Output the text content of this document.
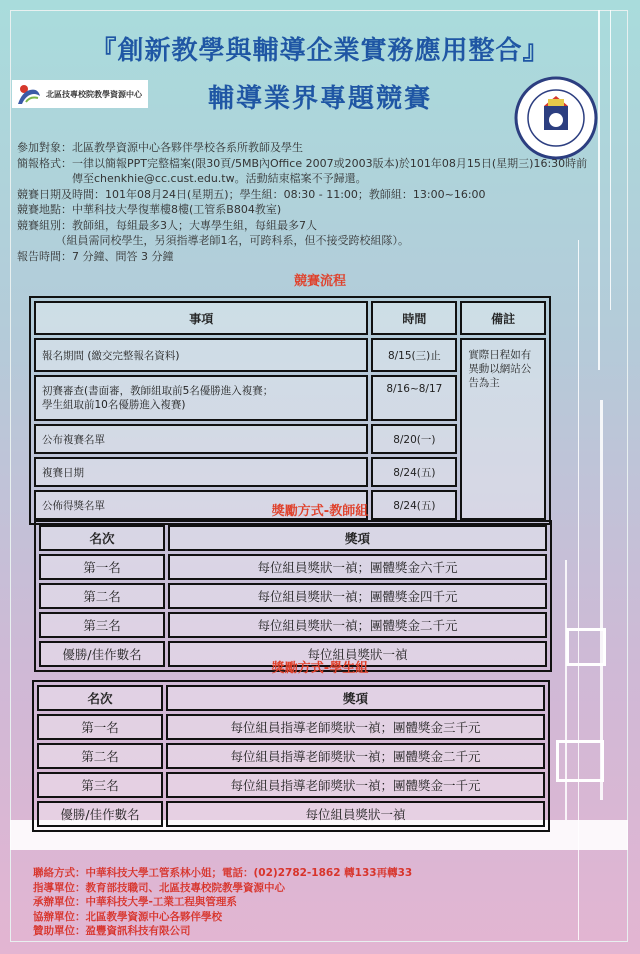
『創新教學與輔導企業實務應用整合』
輔導業界專題競賽
北區技專校院教學資源中心
參加對象：北區教學資源中心各夥伴學校各系所教師及學生
簡報格式：一律以簡報PPT完整檔案(限30頁/5MB內Office 2007或2003版本)於101年08月15日(星期三)16:30時前
　　　　　傳至chenkhie@cc.cust.edu.tw。活動結束檔案不予歸還。
競賽日期及時間：101年08月24日(星期五)；學生組：08:30 - 11:00；教師組：13:00~16:00
競賽地點：中華科技大學復華樓8樓(工管系B804教室)
競賽組別：教師組，每組最多3人；大專學生組，每組最多7人
　　　　（組員需同校學生，另須指導老師1名，可跨科系，但不接受跨校組隊）。
報告時間：7 分鐘、問答 3 分鐘
競賽流程
事項	時間	備註
報名期間 (繳交完整報名資料)	8/15(三)止	實際日程如有異動以網站公告為主
初賽審查(書面審，教師組取前5名優勝進入複賽；
學生組取前10名優勝進入複賽)	8/16~8/17	
公布複賽名單	8/20(一)	
複賽日期	8/24(五)	
公佈得獎名單	8/24(五)	
獎勵方式-教師組
名次	獎項
第一名	每位組員獎狀一禎；團體獎金六千元
第二名	每位組員獎狀一禎；團體獎金四千元
第三名	每位組員獎狀一禎；團體獎金二千元
優勝/佳作數名	每位組員獎狀一禎
獎勵方式-學生組
名次	獎項
第一名	每位組員指導老師獎狀一禎；團體獎金三千元
第二名	每位組員指導老師獎狀一禎；團體獎金二千元
第三名	每位組員指導老師獎狀一禎；團體獎金一千元
優勝/佳作數名	每位組員獎狀一禎
聯絡方式：中華科技大學工管系林小姐；電話：(02)2782-1862 轉133再轉33
指導單位：教育部技職司、北區技專校院教學資源中心
承辦單位：中華科技大學-工業工程與管理系
協辦單位：北區教學資源中心各夥伴學校
贊助單位：盈豐資訊科技有限公司
